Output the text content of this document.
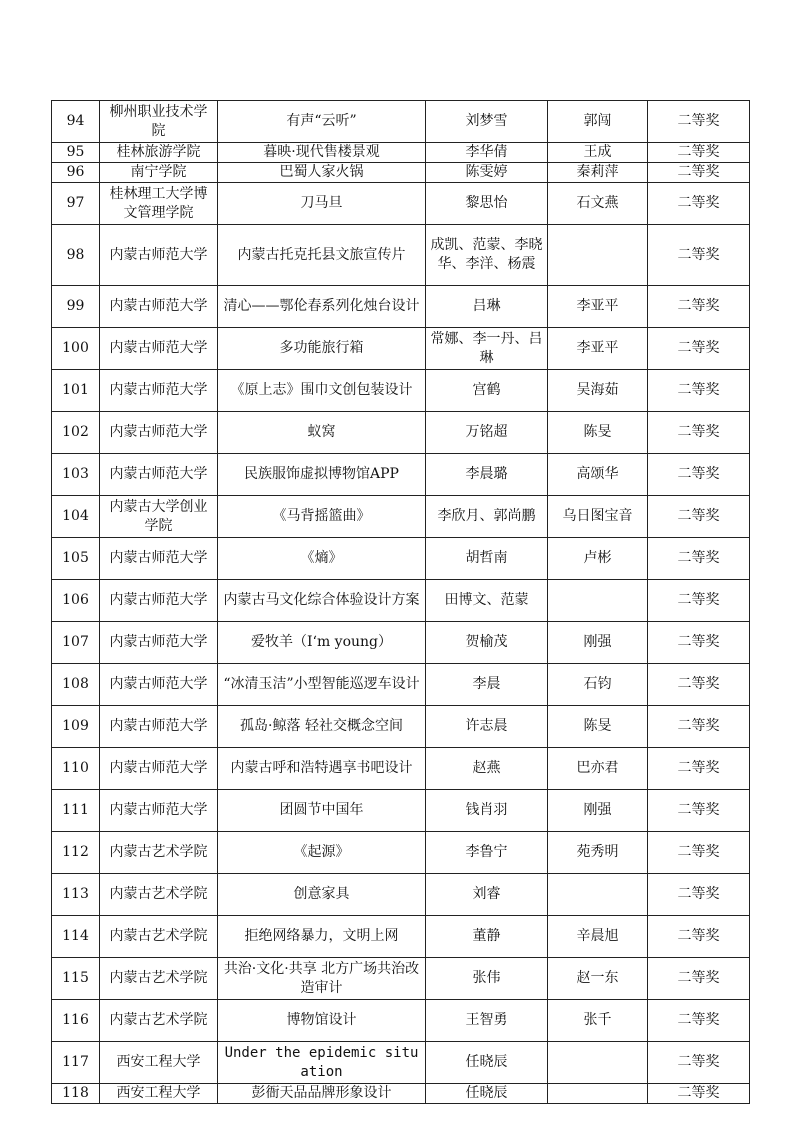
94	柳州职业技术学院	有声“云听”	刘梦雪	郭闯	二等奖
95	桂林旅游学院	暮映·现代售楼景观	李华倩	王成	二等奖
96	南宁学院	巴蜀人家火锅	陈雯婷	秦莉萍	二等奖
97	桂林理工大学博文管理学院	刀马旦	黎思怡	石文燕	二等奖
98	内蒙古师范大学	内蒙古托克托县文旅宣传片	成凯、范蒙、李晓华、李洋、杨震		二等奖
99	内蒙古师范大学	清心——鄂伦春系列化烛台设计	吕琳	李亚平	二等奖
100	内蒙古师范大学	多功能旅行箱	常娜、李一丹、吕琳	李亚平	二等奖
101	内蒙古师范大学	《原上志》围巾文创包装设计	宫鹤	吴海茹	二等奖
102	内蒙古师范大学	蚁窝	万铭超	陈旻	二等奖
103	内蒙古师范大学	民族服饰虚拟博物馆APP	李晨璐	高颂华	二等奖
104	内蒙古大学创业学院	《马背摇篮曲》	李欣月、郭尚鹏	乌日图宝音	二等奖
105	内蒙古师范大学	《熵》	胡哲南	卢彬	二等奖
106	内蒙古师范大学	内蒙古马文化综合体验设计方案	田博文、范蒙		二等奖
107	内蒙古师范大学	爱牧羊（I‘m young）	贺榆茂	刚强	二等奖
108	内蒙古师范大学	“冰清玉洁”小型智能巡逻车设计	李晨	石钧	二等奖
109	内蒙古师范大学	孤岛·鲸落 轻社交概念空间	许志晨	陈旻	二等奖
110	内蒙古师范大学	内蒙古呼和浩特遇享书吧设计	赵燕	巴亦君	二等奖
111	内蒙古师范大学	团圆节中国年	钱肖羽	刚强	二等奖
112	内蒙古艺术学院	《起源》	李鲁宁	苑秀明	二等奖
113	内蒙古艺术学院	创意家具	刘睿		二等奖
114	内蒙古艺术学院	拒绝网络暴力，文明上网	董静	辛晨旭	二等奖
115	内蒙古艺术学院	共治·文化·共享 北方广场共治改造审计	张伟	赵一东	二等奖
116	内蒙古艺术学院	博物馆设计	王智勇	张千	二等奖
117	西安工程大学	Under the epidemic situation	任晓辰		二等奖
118	西安工程大学	彭衙天品品牌形象设计	任晓辰		二等奖
